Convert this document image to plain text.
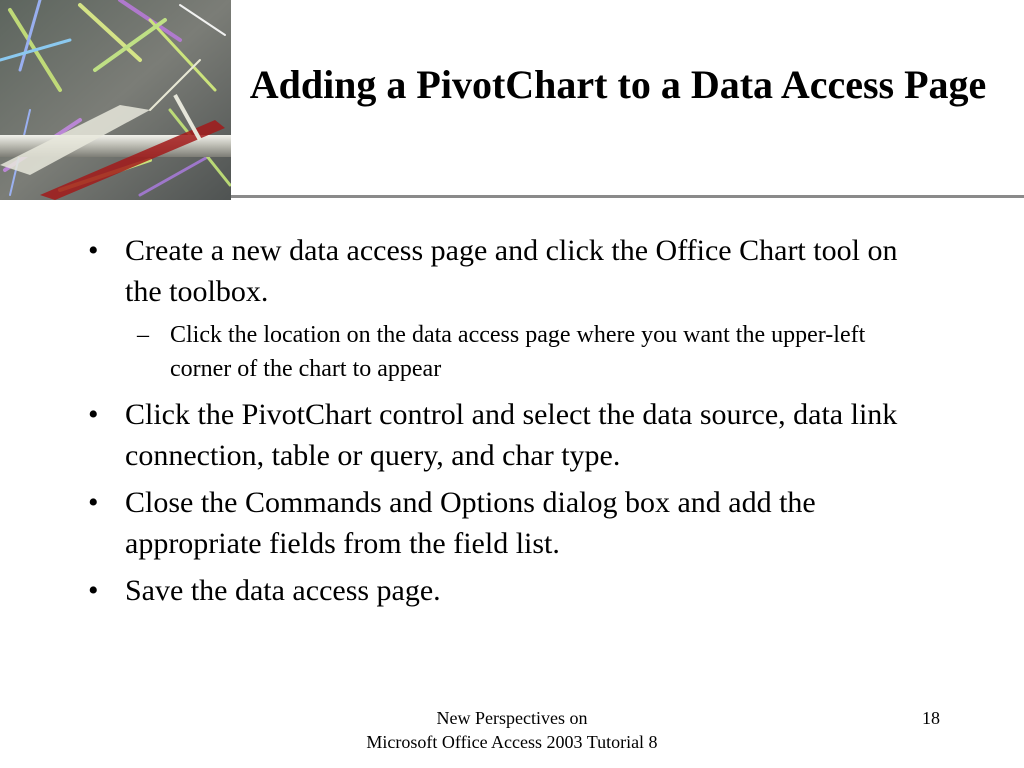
Adding a PivotChart to a Data Access Page
• Create a new data access page and click the Office Chart tool on the toolbox.
– Click the location on the data access page where you want the upper-left corner of the chart to appear
• Click the PivotChart control and select the data source, data link connection, table or query, and char type.
• Close the Commands and Options dialog box and add the appropriate fields from the field list.
• Save the data access page.
New Perspectives on
Microsoft Office Access 2003 Tutorial 8
18
